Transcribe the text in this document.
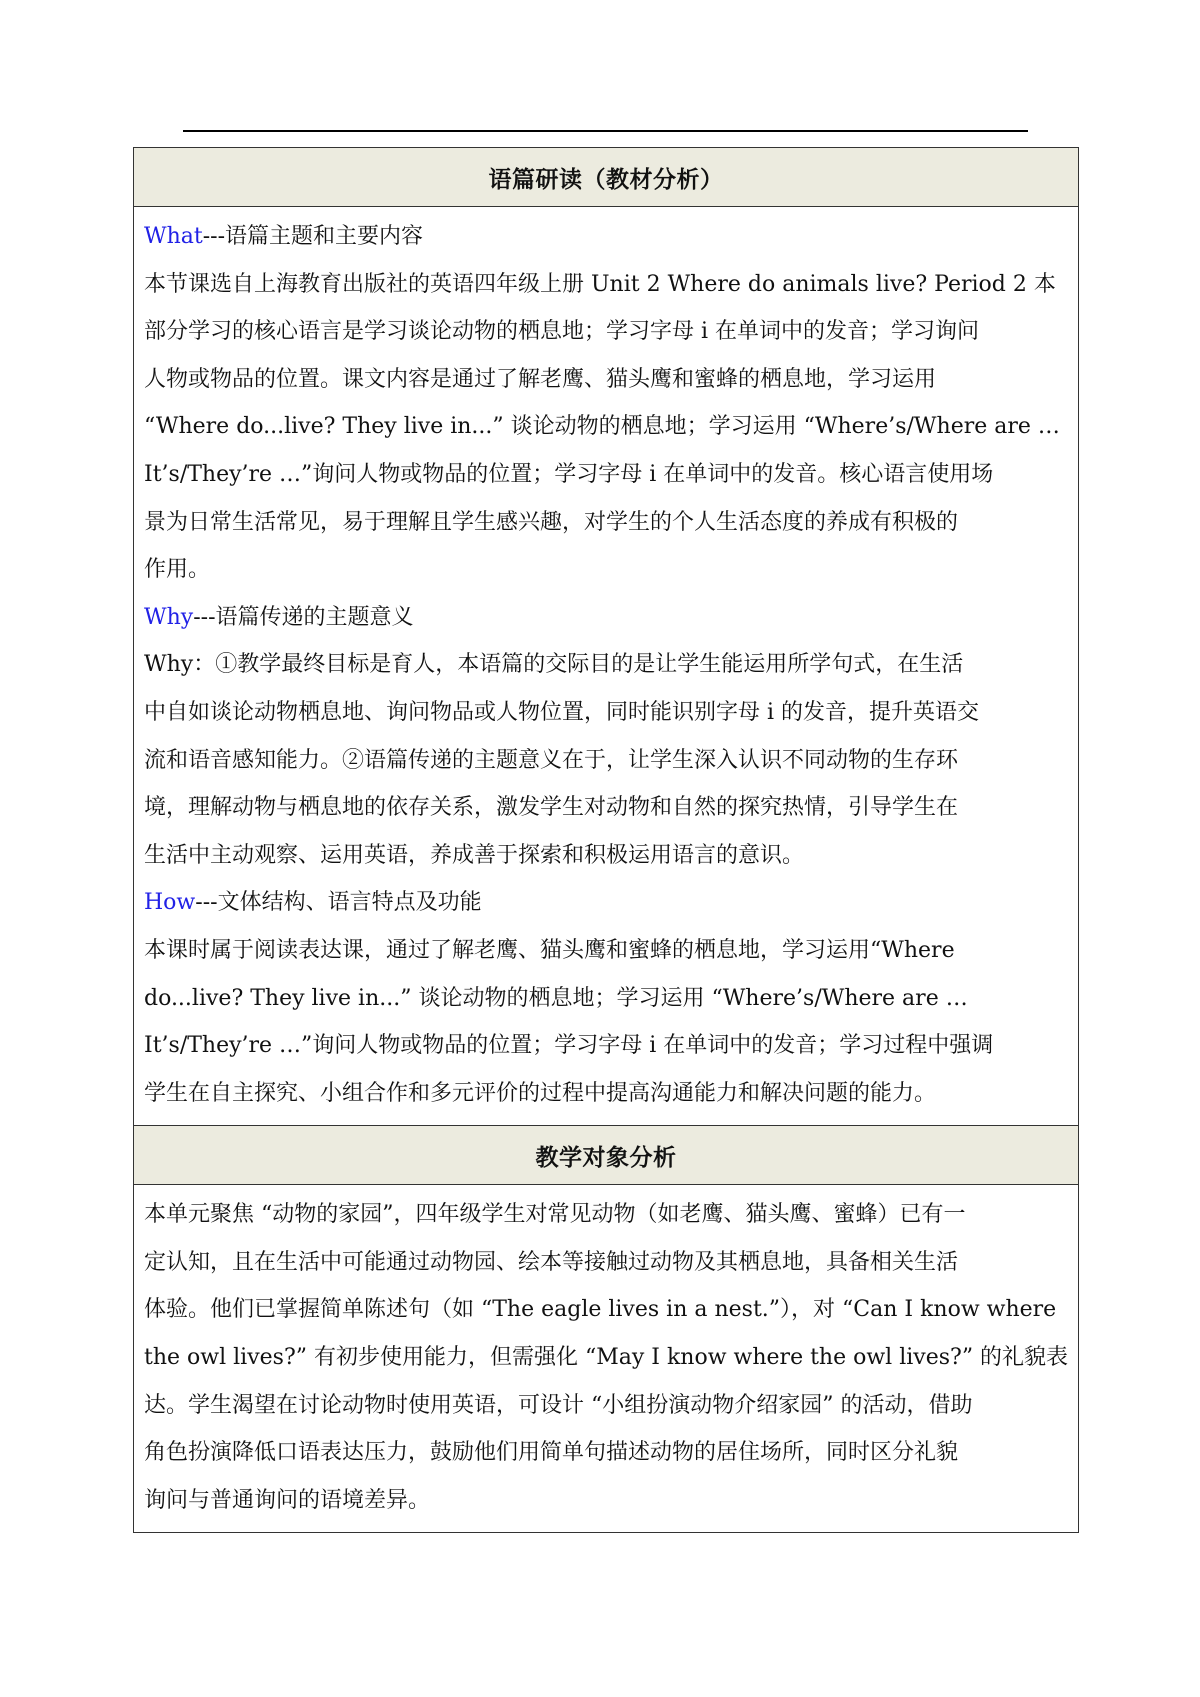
语篇研读（教材分析）

What---语篇主题和主要内容
本节课选自上海教育出版社的英语四年级上册 Unit 2 Where do animals live? Period 2 本
部分学习的核心语言是学习谈论动物的栖息地；学习字母 i 在单词中的发音；学习询问
人物或物品的位置。课文内容是通过了解老鹰、猫头鹰和蜜蜂的栖息地，学习运用
“Where do...live? They live in...” 谈论动物的栖息地；学习运用 “Where’s/Where are …
It’s/They’re …”询问人物或物品的位置；学习字母 i 在单词中的发音。核心语言使用场
景为日常生活常见，易于理解且学生感兴趣，对学生的个人生活态度的养成有积极的
作用。
Why---语篇传递的主题意义
Why：①教学最终目标是育人，本语篇的交际目的是让学生能运用所学句式，在生活
中自如谈论动物栖息地、询问物品或人物位置，同时能识别字母 i 的发音，提升英语交
流和语音感知能力。②语篇传递的主题意义在于，让学生深入认识不同动物的生存环
境，理解动物与栖息地的依存关系，激发学生对动物和自然的探究热情，引导学生在
生活中主动观察、运用英语，养成善于探索和积极运用语言的意识。
How---文体结构、语言特点及功能
本课时属于阅读表达课，通过了解老鹰、猫头鹰和蜜蜂的栖息地，学习运用“Where
do...live? They live in...” 谈论动物的栖息地；学习运用 “Where’s/Where are …
It’s/They’re …”询问人物或物品的位置；学习字母 i 在单词中的发音；学习过程中强调
学生在自主探究、小组合作和多元评价的过程中提高沟通能力和解决问题的能力。

教学对象分析

本单元聚焦 “动物的家园”，四年级学生对常见动物（如老鹰、猫头鹰、蜜蜂）已有一
定认知，且在生活中可能通过动物园、绘本等接触过动物及其栖息地，具备相关生活
体验。他们已掌握简单陈述句（如 “The eagle lives in a nest.”），对 “Can I know where
the owl lives?” 有初步使用能力，但需强化 “May I know where the owl lives?” 的礼貌表
达。学生渴望在讨论动物时使用英语，可设计 “小组扮演动物介绍家园” 的活动，借助
角色扮演降低口语表达压力，鼓励他们用简单句描述动物的居住场所，同时区分礼貌
询问与普通询问的语境差异。
